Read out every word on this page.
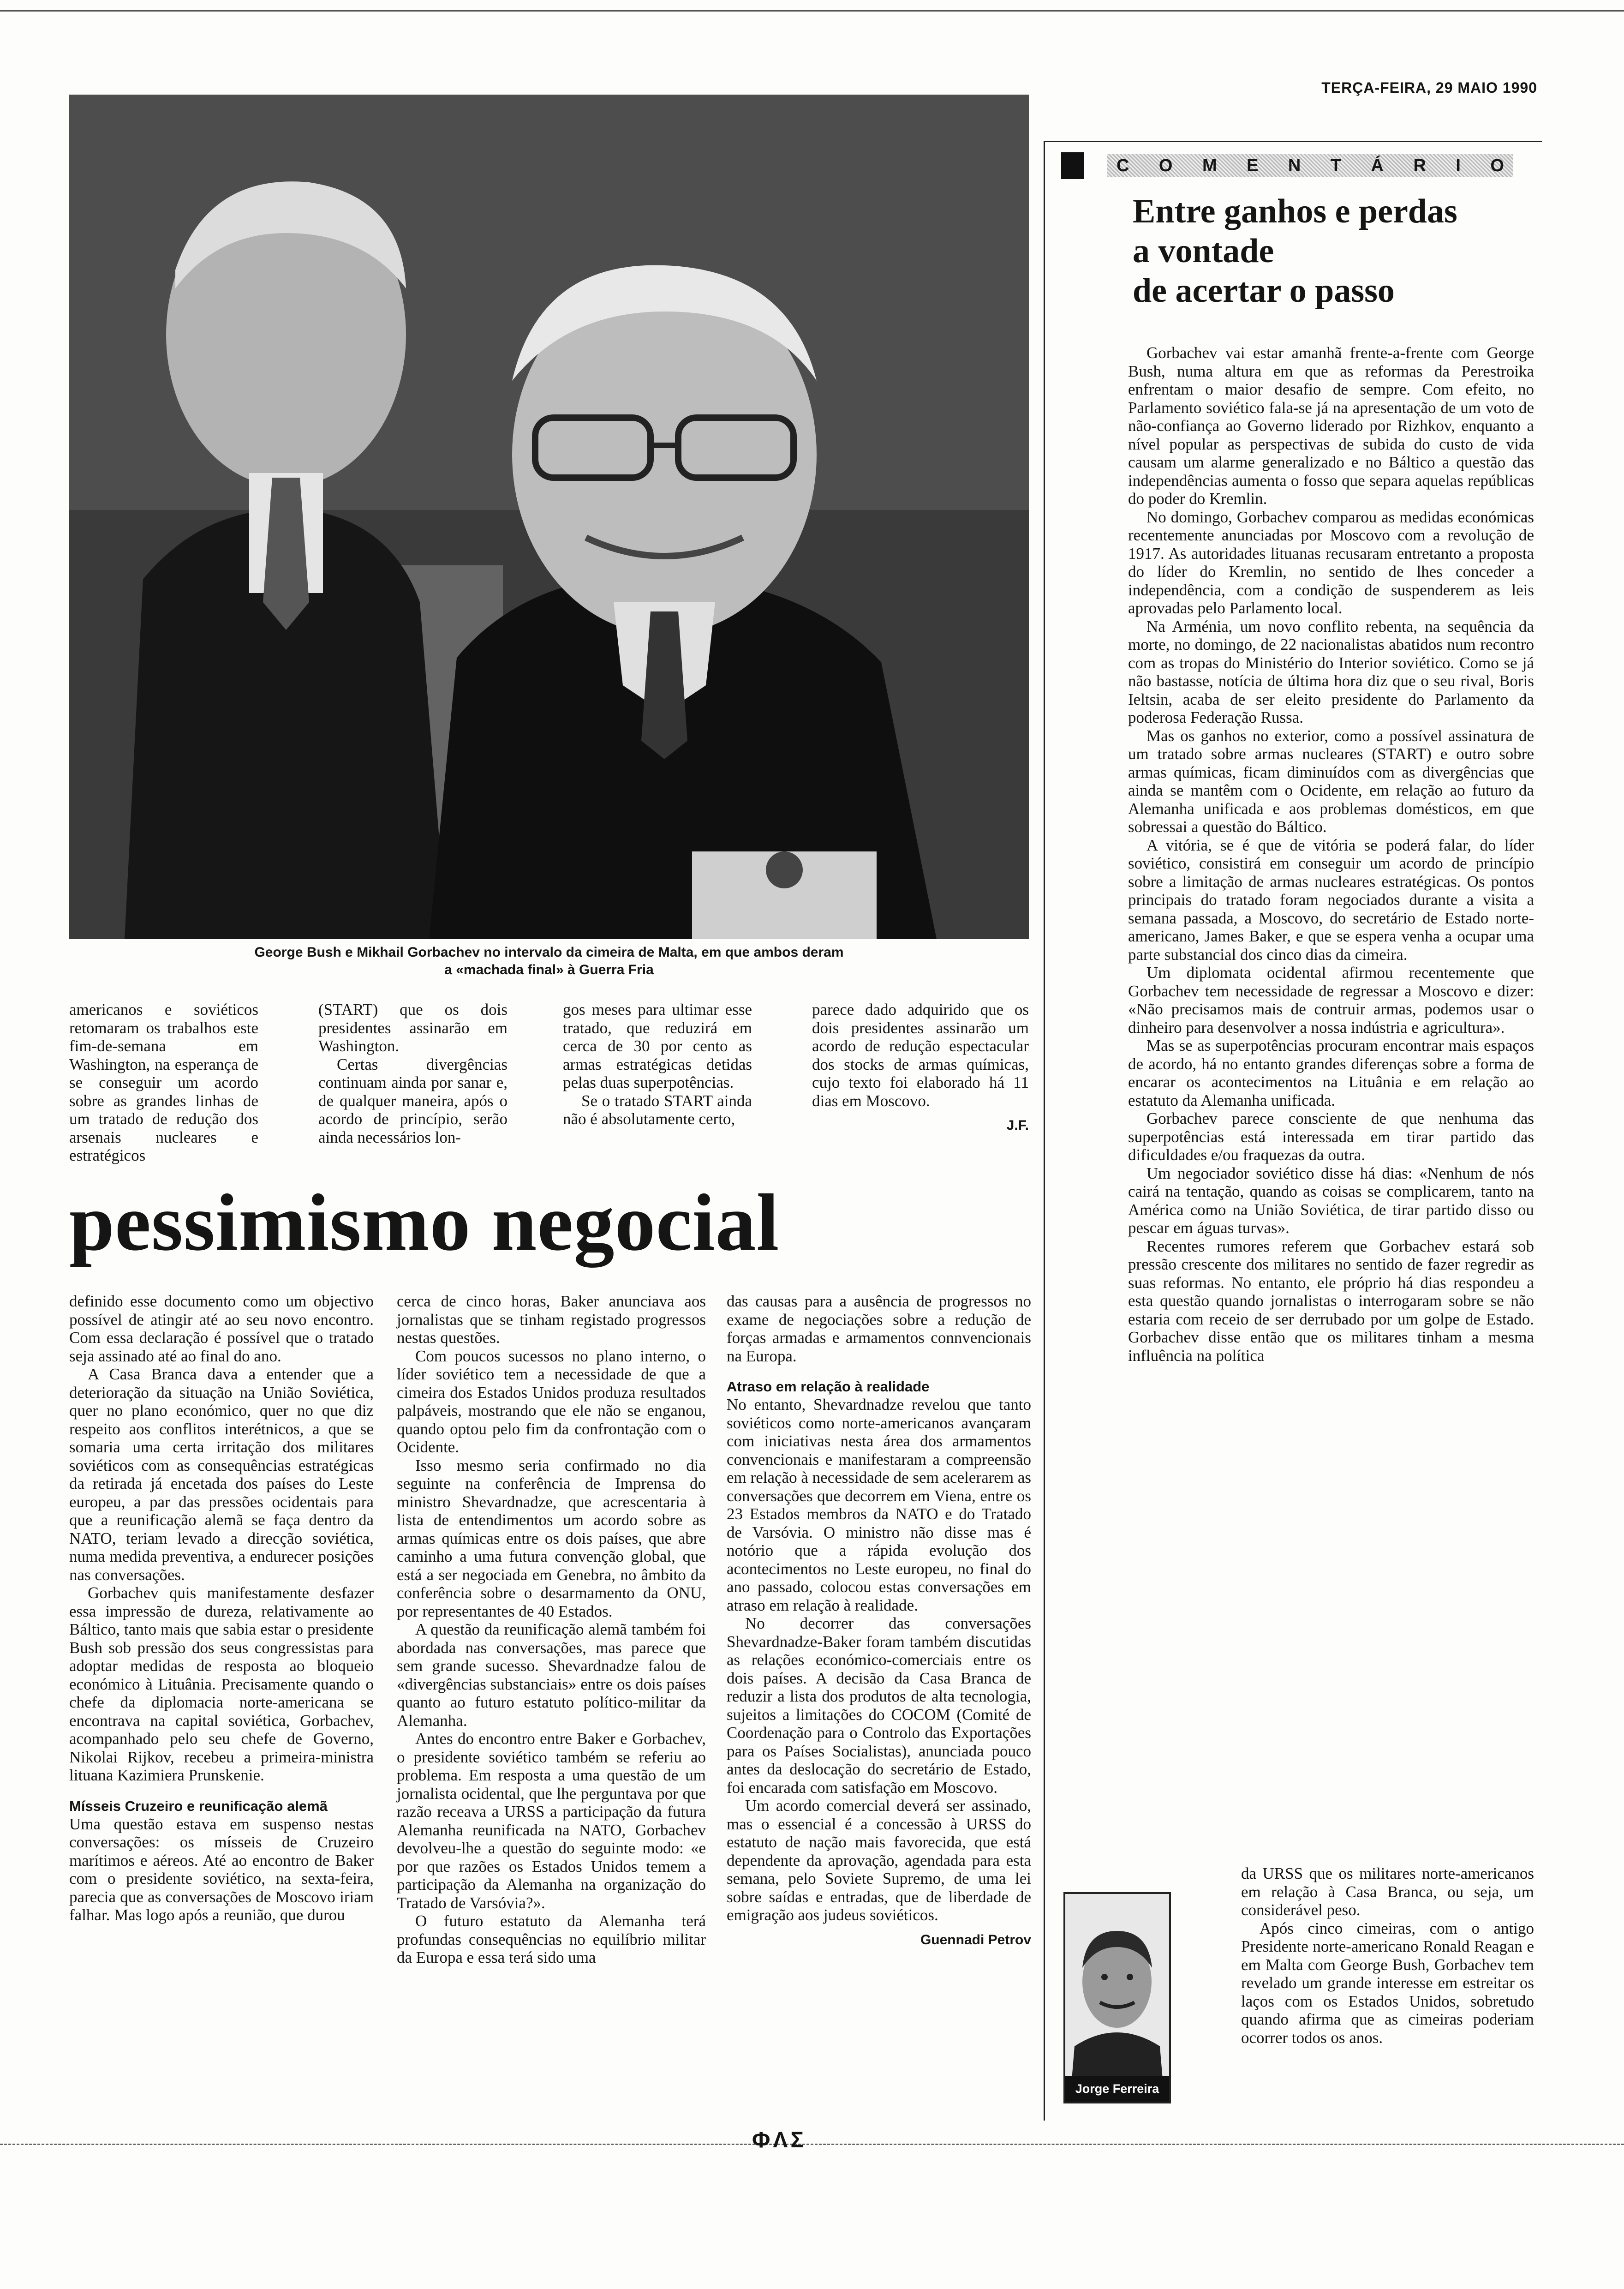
TERÇA-FEIRA, 29 MAIO 1990
George Bush e Mikhail Gorbachev no intervalo da cimeira de Malta, em que ambos deram
a «machada final» à Guerra Fria

americanos e soviéticos retomaram os trabalhos este fim-de-semana em Washington, na esperança de se conseguir um acordo sobre as grandes linhas de um tratado de redução dos arsenais nucleares e estratégicos

(START) que os dois presidentes assinarão em Washington.

Certas divergências continuam ainda por sanar e, de qualquer maneira, após o acordo de princípio, serão ainda necessários lon-

gos meses para ultimar esse tratado, que reduzirá em cerca de 30 por cento as armas estratégicas detidas pelas duas superpotências.

Se o tratado START ainda não é absolutamente certo,

parece dado adquirido que os dois presidentes assinarão um acordo de redução espectacular dos stocks de armas químicas, cujo texto foi elaborado há 11 dias em Moscovo.

J.F.
pessimismo negocial

definido esse documento como um objectivo possível de atingir até ao seu novo encontro. Com essa declaração é possível que o tratado seja assinado até ao final do ano.

A Casa Branca dava a entender que a deterioração da situação na União Soviética, quer no plano económico, quer no que diz respeito aos conflitos interétnicos, a que se somaria uma certa irritação dos militares soviéticos com as consequências estratégicas da retirada já encetada dos países do Leste europeu, a par das pressões ocidentais para que a reunificação alemã se faça dentro da NATO, teriam levado a direcção soviética, numa medida preventiva, a endurecer posições nas conversações.

Gorbachev quis manifestamente desfazer essa impressão de dureza, relativamente ao Báltico, tanto mais que sabia estar o presidente Bush sob pressão dos seus congressistas para adoptar medidas de resposta ao bloqueio económico à Lituânia. Precisamente quando o chefe da diplomacia norte-americana se encontrava na capital soviética, Gorbachev, acompanhado pelo seu chefe de Governo, Nikolai Rijkov, recebeu a primeira-ministra lituana Kazimiera Prunskenie.

Mísseis Cruzeiro e reunificação alemã

Uma questão estava em suspenso nestas conversações: os mísseis de Cruzeiro marítimos e aéreos. Até ao encontro de Baker com o presidente soviético, na sexta-feira, parecia que as conversações de Moscovo iriam falhar. Mas logo após a reunião, que durou

cerca de cinco horas, Baker anunciava aos jornalistas que se tinham registado progressos nestas questões.

Com poucos sucessos no plano interno, o líder soviético tem a necessidade de que a cimeira dos Estados Unidos produza resultados palpáveis, mostrando que ele não se enganou, quando optou pelo fim da confrontação com o Ocidente.

Isso mesmo seria confirmado no dia seguinte na conferência de Imprensa do ministro Shevardnadze, que acrescentaria à lista de entendimentos um acordo sobre as armas químicas entre os dois países, que abre caminho a uma futura convenção global, que está a ser negociada em Genebra, no âmbito da conferência sobre o desarmamento da ONU, por representantes de 40 Estados.

A questão da reunificação alemã também foi abordada nas conversações, mas parece que sem grande sucesso. Shevardnadze falou de «divergências substanciais» entre os dois países quanto ao futuro estatuto político-militar da Alemanha.

Antes do encontro entre Baker e Gorbachev, o presidente soviético também se referiu ao problema. Em resposta a uma questão de um jornalista ocidental, que lhe perguntava por que razão receava a URSS a participação da futura Alemanha reunificada na NATO, Gorbachev devolveu-lhe a questão do seguinte modo: «e por que razões os Estados Unidos temem a participação da Alemanha na organização do Tratado de Varsóvia?».

O futuro estatuto da Alemanha terá profundas consequências no equilíbrio militar da Europa e essa terá sido uma

das causas para a ausência de progressos no exame de negociações sobre a redução de forças armadas e armamentos connvencionais na Europa.

Atraso em relação à realidade

No entanto, Shevardnadze revelou que tanto soviéticos como norte-americanos avançaram com iniciativas nesta área dos armamentos convencionais e manifestaram a compreensão em relação à necessidade de sem acelerarem as conversações que decorrem em Viena, entre os 23 Estados membros da NATO e do Tratado de Varsóvia. O ministro não disse mas é notório que a rápida evolução dos acontecimentos no Leste europeu, no final do ano passado, colocou estas conversações em atraso em relação à realidade.

No decorrer das conversações Shevardnadze-Baker foram também discutidas as relações económico-comerciais entre os dois países. A decisão da Casa Branca de reduzir a lista dos produtos de alta tecnologia, sujeitos a limitações do COCOM (Comité de Coordenação para o Controlo das Exportações para os Países Socialistas), anunciada pouco antes da deslocação do secretário de Estado, foi encarada com satisfação em Moscovo.

Um acordo comercial deverá ser assinado, mas o essencial é a concessão à URSS do estatuto de nação mais favorecida, que está dependente da aprovação, agendada para esta semana, pelo Soviete Supremo, de uma lei sobre saídas e entradas, que de liberdade de emigração aos judeus soviéticos.

Guennadi Petrov
C O M E N T Á R I O
Entre ganhos e perdas
a vontade
de acertar o passo

Gorbachev vai estar amanhã frente-a-frente com George Bush, numa altura em que as reformas da Perestroika enfrentam o maior desafio de sempre. Com efeito, no Parlamento soviético fala-se já na apresentação de um voto de não-confiança ao Governo liderado por Rizhkov, enquanto a nível popular as perspectivas de subida do custo de vida causam um alarme generalizado e no Báltico a questão das independências aumenta o fosso que separa aquelas repúblicas do poder do Kremlin.

No domingo, Gorbachev comparou as medidas económicas recentemente anunciadas por Moscovo com a revolução de 1917. As autoridades lituanas recusaram entretanto a proposta do líder do Kremlin, no sentido de lhes conceder a independência, com a condição de suspenderem as leis aprovadas pelo Parlamento local.

Na Arménia, um novo conflito rebenta, na sequência da morte, no domingo, de 22 nacionalistas abatidos num recontro com as tropas do Ministério do Interior soviético. Como se já não bastasse, notícia de última hora diz que o seu rival, Boris Ieltsin, acaba de ser eleito presidente do Parlamento da poderosa Federação Russa.

Mas os ganhos no exterior, como a possível assinatura de um tratado sobre armas nucleares (START) e outro sobre armas químicas, ficam diminuídos com as divergências que ainda se mantêm com o Ocidente, em relação ao futuro da Alemanha unificada e aos problemas domésticos, em que sobressai a questão do Báltico.

A vitória, se é que de vitória se poderá falar, do líder soviético, consistirá em conseguir um acordo de princípio sobre a limitação de armas nucleares estratégicas. Os pontos principais do tratado foram negociados durante a visita a semana passada, a Moscovo, do secretário de Estado norte-americano, James Baker, e que se espera venha a ocupar uma parte substancial dos cinco dias da cimeira.

Um diplomata ocidental afirmou recentemente que Gorbachev tem necessidade de regressar a Moscovo e dizer: «Não precisamos mais de contruir armas, podemos usar o dinheiro para desenvolver a nossa indústria e agricultura».

Mas se as superpotências procuram encontrar mais espaços de acordo, há no entanto grandes diferenças sobre a forma de encarar os acontecimentos na Lituânia e em relação ao estatuto da Alemanha unificada.

Gorbachev parece consciente de que nenhuma das superpotências está interessada em tirar partido das dificuldades e/ou fraquezas da outra.

Um negociador soviético disse há dias: «Nenhum de nós cairá na tentação, quando as coisas se complicarem, tanto na América como na União Soviética, de tirar partido disso ou pescar em águas turvas».

Recentes rumores referem que Gorbachev estará sob pressão crescente dos militares no sentido de fazer regredir as suas reformas. No entanto, ele próprio há dias respondeu a esta questão quando jornalistas o interrogaram sobre se não estaria com receio de ser derrubado por um golpe de Estado. Gorbachev disse então que os militares tinham a mesma influência na política

da URSS que os militares norte-americanos em relação à Casa Branca, ou seja, um considerável peso.

Após cinco cimeiras, com o antigo Presidente norte-americano Ronald Reagan e em Malta com George Bush, Gorbachev tem revelado um grande interesse em estreitar os laços com os Estados Unidos, sobretudo quando afirma que as cimeiras poderiam ocorrer todos os anos.

Jorge Ferreira
ΦΛΣ
